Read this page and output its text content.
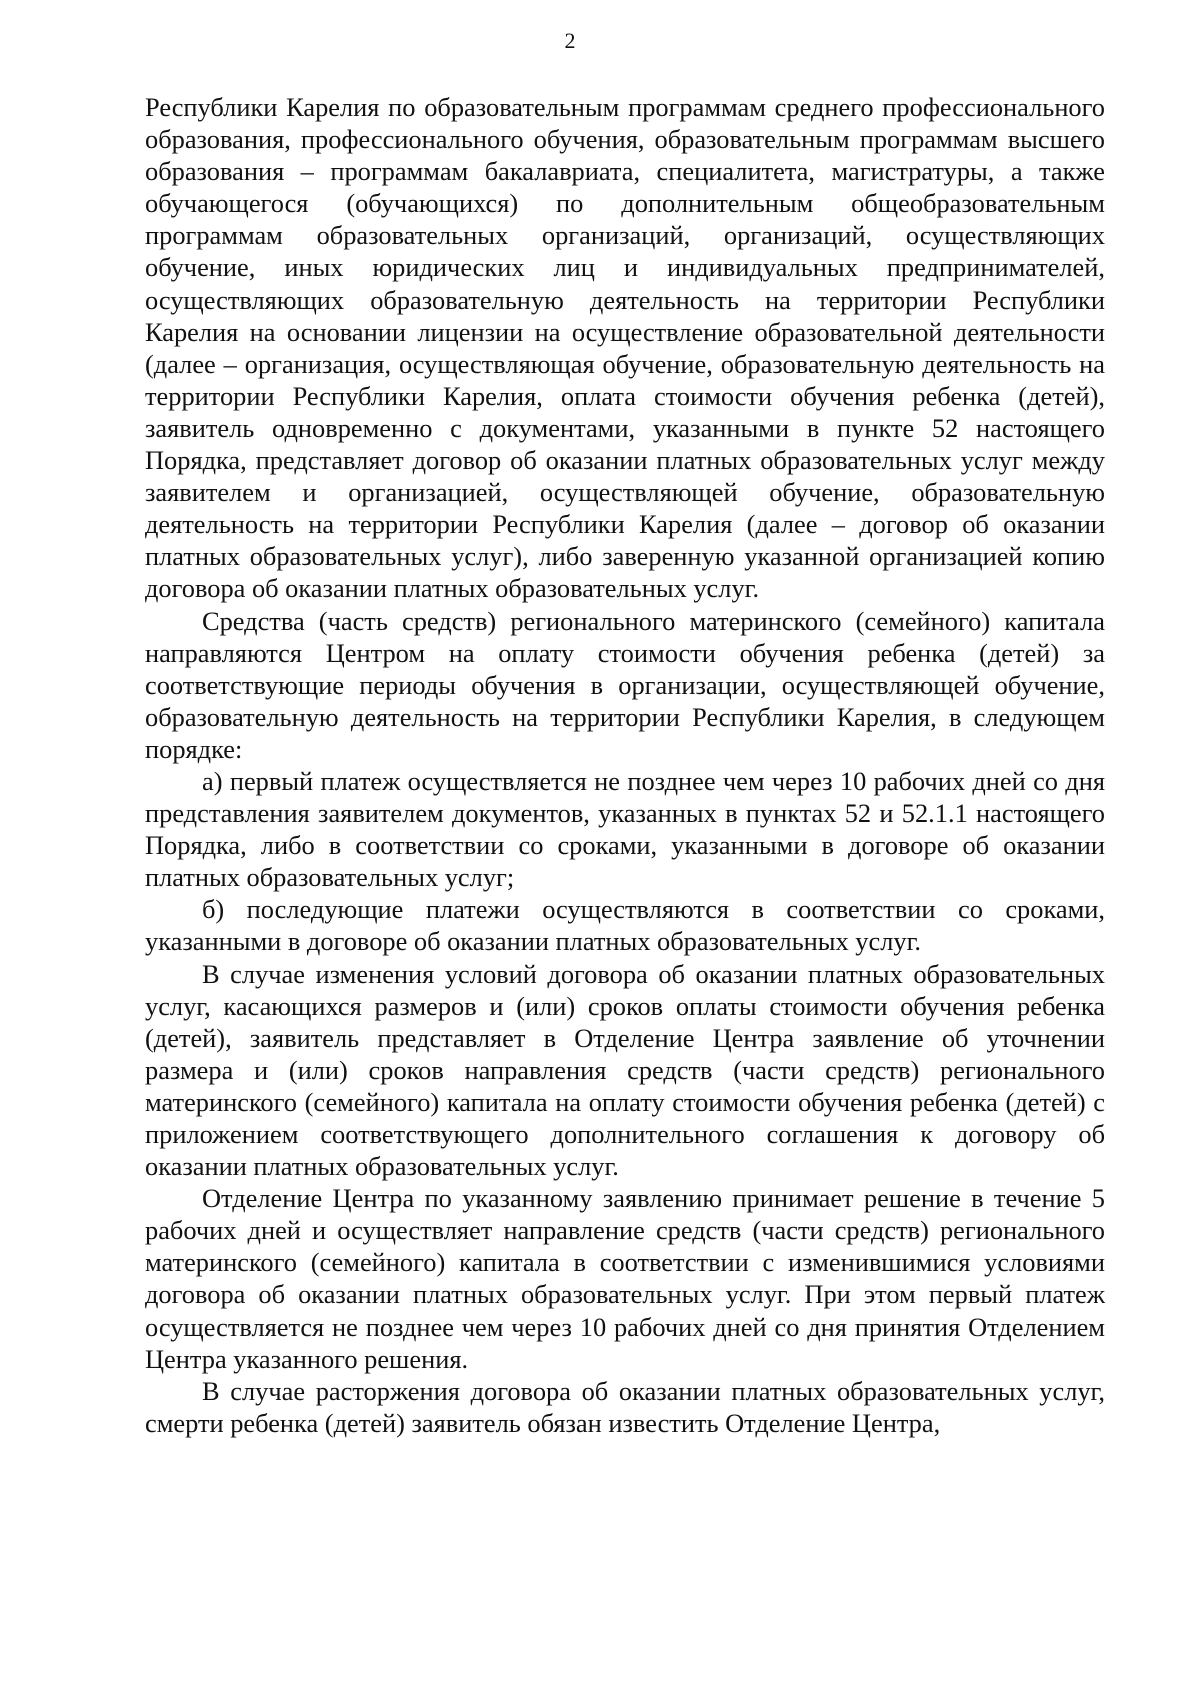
2

Республики Карелия по образовательным программам среднего профессионального образования, профессионального обучения, образовательным программам высшего образования – программам бакалавриата, специалитета, магистратуры, а также обучающегося (обучающихся) по дополнительным общеобразовательным программам образовательных организаций, организаций, осуществляющих обучение, иных юридических лиц и индивидуальных предпринимателей, осуществляющих образовательную деятельность на территории Республики Карелия на основании лицензии на осуществление образовательной деятельности (далее – организация, осуществляющая обучение, образовательную деятельность на территории Республики Карелия, оплата стоимости обучения ребенка (детей), заявитель одновременно с документами, указанными в пункте 52 настоящего Порядка, представляет договор об оказании платных образовательных услуг между заявителем и организацией, осуществляющей обучение, образовательную деятельность на территории Республики Карелия (далее – договор об оказании платных образовательных услуг), либо заверенную указанной организацией копию договора об оказании платных образовательных услуг.

Средства (часть средств) регионального материнского (семейного) капитала направляются Центром на оплату стоимости обучения ребенка (детей) за соответствующие периоды обучения в организации, осуществляющей обучение, образовательную деятельность на территории Республики Карелия, в следующем порядке:

а) первый платеж осуществляется не позднее чем через 10 рабочих дней со дня представления заявителем документов, указанных в пунктах 52 и 52.1.1 настоящего Порядка, либо в соответствии со сроками, указанными в договоре об оказании платных образовательных услуг;

б) последующие платежи осуществляются в соответствии со сроками, указанными в договоре об оказании платных образовательных услуг.

В случае изменения условий договора об оказании платных образовательных услуг, касающихся размеров и (или) сроков оплаты стоимости обучения ребенка (детей), заявитель представляет в Отделение Центра заявление об уточнении размера и (или) сроков направления средств (части средств) регионального материнского (семейного) капитала на оплату стоимости обучения ребенка (детей) с приложением соответствующего дополнительного соглашения к договору об оказании платных образовательных услуг.

Отделение Центра по указанному заявлению принимает решение в течение 5 рабочих дней и осуществляет направление средств (части средств) регионального материнского (семейного) капитала в соответствии с изменившимися условиями договора об оказании платных образовательных услуг. При этом первый платеж осуществляется не позднее чем через 10 рабочих дней со дня принятия Отделением Центра указанного решения.

В случае расторжения договора об оказании платных образовательных услуг, смерти ребенка (детей) заявитель обязан известить Отделение Центра,
